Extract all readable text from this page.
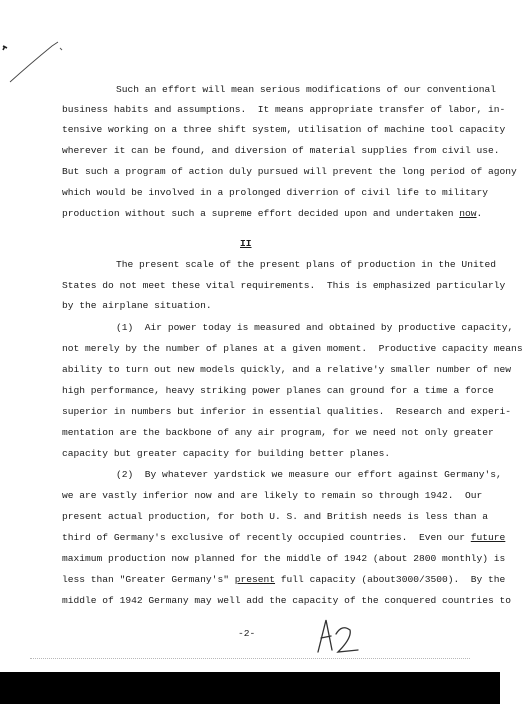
Such an effort will mean serious modifications of our conventional
business habits and assumptions.  It means appropriate transfer of labor, in-
tensive working on a three shift system, utilisation of machine tool capacity
wherever it can be found, and diversion of material supplies from civil use.
But such a program of action duly pursued will prevent the long period of agony
which would be involved in a prolonged diverrion of civil life to military
production without such a supreme effort decided upon and undertaken now.
II
The present scale of the present plans of production in the United
States do not meet these vital requirements.  This is emphasized particularly
by the airplane situation.
(1)  Air power today is measured and obtained by productive capacity,
not merely by the number of planes at a given moment.  Productive capacity means
ability to turn out new models quickly, and a relative'y smaller number of new
high performance, heavy striking power planes can ground for a time a force
superior in numbers but inferior in essential qualities.  Research and experi-
mentation are the backbone of any air program, for we need not only greater
capacity but greater capacity for building better planes.
(2)  By whatever yardstick we measure our effort against Germany's,
we are vastly inferior now and are likely to remain so through 1942.  Our
present actual production, for both U. S. and British needs is less than a
third of Germany's exclusive of recently occupied countries.  Even our future
maximum production now planned for the middle of 1942 (about 2800 monthly) is
less than "Greater Germany's" present full capacity (about3000/3500).  By the
middle of 1942 Germany may well add the capacity of the conquered countries to
-2-
